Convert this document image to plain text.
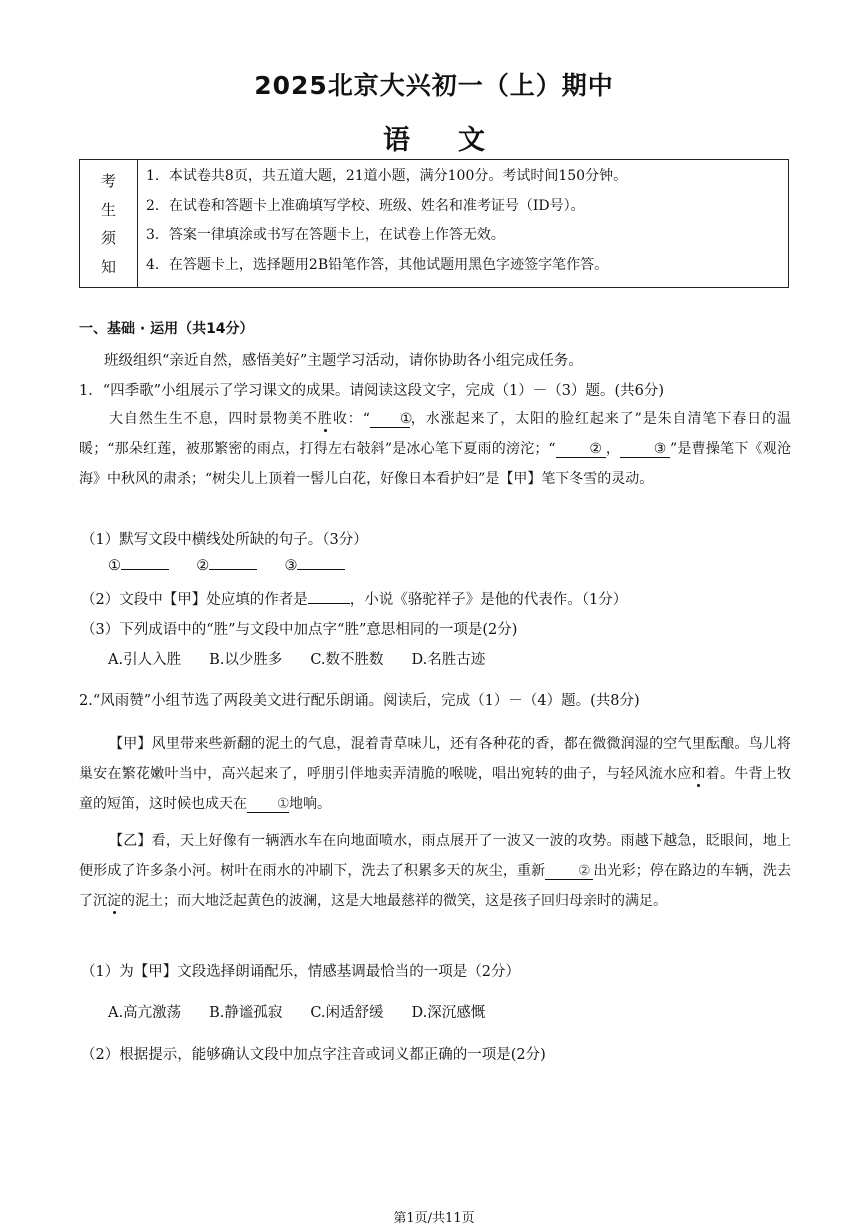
2025北京大兴初一（上）期中
语 文
考
生
须
知
1．本试卷共8页，共五道大题，21道小题，满分100分。考试时间150分钟。
2．在试卷和答题卡上准确填写学校、班级、姓名和准考证号（ID号）。
3．答案一律填涂或书写在答题卡上，在试卷上作答无效。
4．在答题卡上，选择题用2B铅笔作答，其他试题用黑色字迹签字笔作答。
一、基础 · 运用（共14分）
班级组织“亲近自然，感悟美好”主题学习活动，请你协助各小组完成任务。
1．“四季歌”小组展示了学习课文的成果。请阅读这段文字，完成（1）－（3）题。(共6分)
大自然生生不息，四时景物美不胜收：“ ①，水涨起来了，太阳的脸红起来了”是朱自清笔下春日的温暖；“那朵红莲，被那繁密的雨点，打得左右攲斜”是冰心笔下夏雨的滂沱；“ ② ， ③ ”是曹操笔下《观沧海》中秋风的肃杀；“树尖儿上顶着一髻儿白花，好像日本看护妇”是【甲】笔下冬雪的灵动。
（1）默写文段中横线处所缺的句子。（3分）
①	②	③
（2）文段中【甲】处应填的作者是	，小说《骆驼祥子》是他的代表作。（1分）
（3）下列成语中的“胜”与文段中加点字“胜”意思相同的一项是(2分)
A.引人入胜 B.以少胜多 C.数不胜数 D.名胜古迹
2.“风雨赞”小组节选了两段美文进行配乐朗诵。阅读后，完成（1）－（4）题。(共8分)
【甲】风里带来些新翻的泥土的气息，混着青草味儿，还有各种花的香，都在微微润湿的空气里酝酿。鸟儿将巢安在繁花嫩叶当中，高兴起来了，呼朋引伴地卖弄清脆的喉咙，唱出宛转的曲子，与轻风流水应和着。牛背上牧童的短笛，这时候也成天在 ①地响。
【乙】看，天上好像有一辆洒水车在向地面喷水，雨点展开了一波又一波的攻势。雨越下越急，眨眼间，地上便形成了许多条小河。树叶在雨水的冲刷下，洗去了积累多天的灰尘，重新 ② 出光彩；停在路边的车辆，洗去了沉淀的泥土；而大地泛起黄色的波澜，这是大地最慈祥的微笑，这是孩子回归母亲时的满足。
（1）为【甲】文段选择朗诵配乐，情感基调最恰当的一项是（2分）
A.高亢激荡 B.静谧孤寂 C.闲适舒缓 D.深沉感慨
（2）根据提示，能够确认文段中加点字注音或词义都正确的一项是(2分)
第1页/共11页
